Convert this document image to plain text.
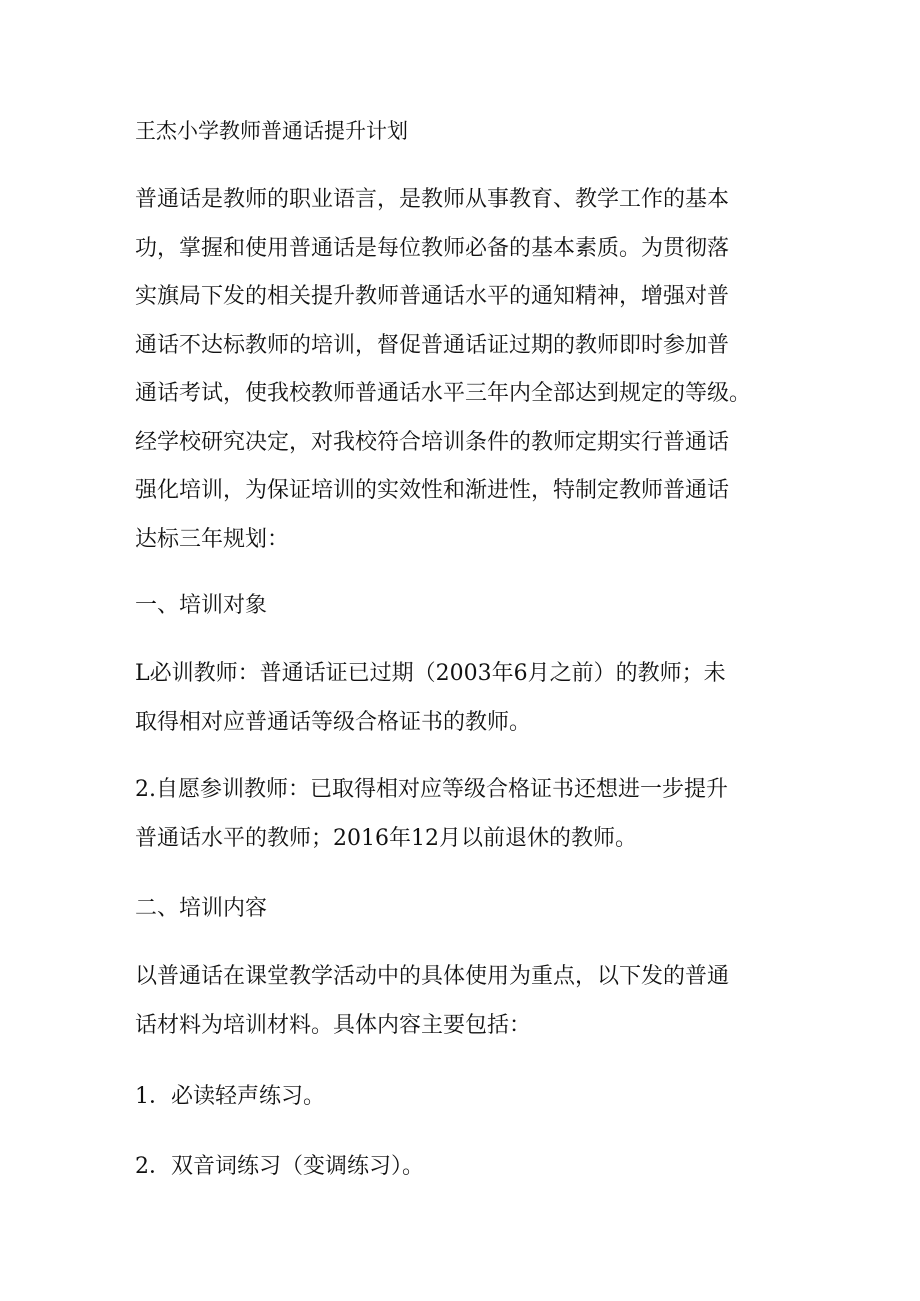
王杰小学教师普通话提升计划

普通话是教师的职业语言，是教师从事教育、教学工作的基本
功，掌握和使用普通话是每位教师必备的基本素质。为贯彻落
实旗局下发的相关提升教师普通话水平的通知精神，增强对普
通话不达标教师的培训，督促普通话证过期的教师即时参加普
通话考试，使我校教师普通话水平三年内全部达到规定的等级。
经学校研究决定，对我校符合培训条件的教师定期实行普通话
强化培训，为保证培训的实效性和渐进性，特制定教师普通话
达标三年规划：

一、培训对象

L必训教师：普通话证已过期（2003年6月之前）的教师；未
取得相对应普通话等级合格证书的教师。

2.自愿参训教师：已取得相对应等级合格证书还想进一步提升
普通话水平的教师；2016年12月以前退休的教师。

二、培训内容

以普通话在课堂教学活动中的具体使用为重点，以下发的普通
话材料为培训材料。具体内容主要包括：

1．必读轻声练习。

2．双音词练习（变调练习）。
